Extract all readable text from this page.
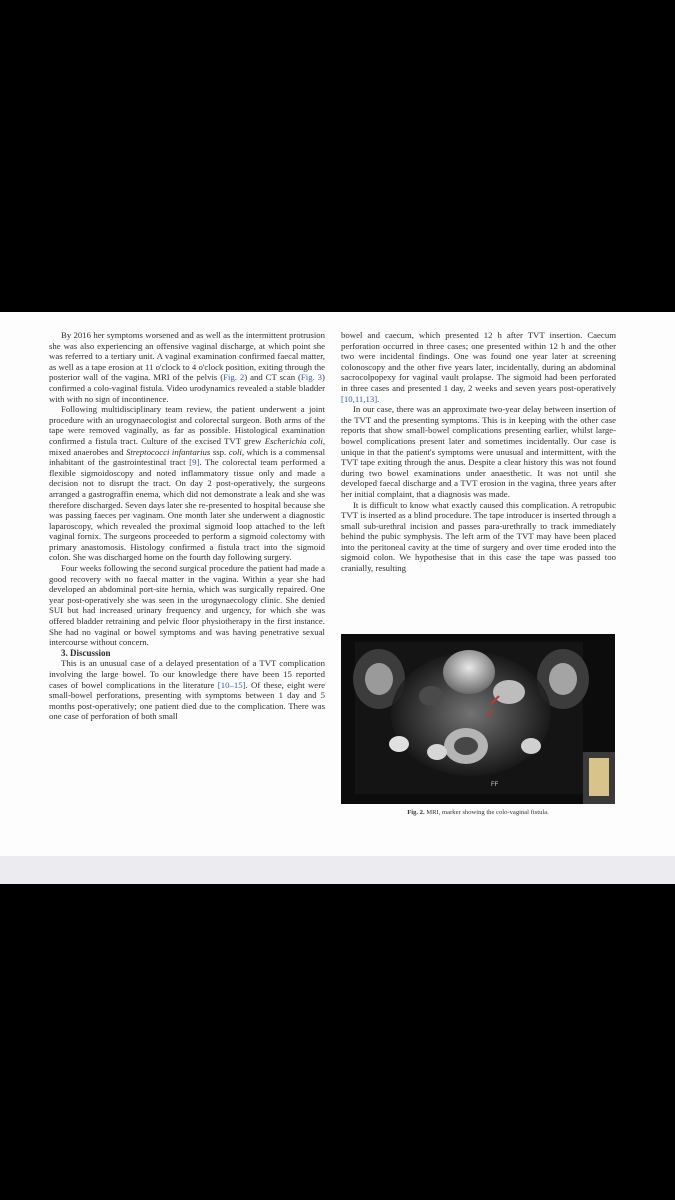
By 2016 her symptoms worsened and as well as the intermittent protrusion she was also experiencing an offensive vaginal discharge, at which point she was referred to a tertiary unit. A vaginal examination confirmed faecal matter, as well as a tape erosion at 11 o'clock to 4 o'clock position, exiting through the posterior wall of the vagina. MRI of the pelvis (Fig. 2) and CT scan (Fig. 3) confirmed a colo-vaginal fistula. Video urodynamics revealed a stable bladder with with no sign of incontinence.

Following multidisciplinary team review, the patient underwent a joint procedure with an urogynaecologist and colorectal surgeon. Both arms of the tape were removed vaginally, as far as possible. Histological examination confirmed a fistula tract. Culture of the excised TVT grew Escherichia coli, mixed anaerobes and Streptococci infantarius ssp. coli, which is a commensal inhabitant of the gastrointestinal tract [9]. The colorectal team performed a flexible sigmoidoscopy and noted inflammatory tissue only and made a decision not to disrupt the tract. On day 2 post-operatively, the surgeons arranged a gastrograffin enema, which did not demonstrate a leak and she was therefore discharged. Seven days later she re-presented to hospital because she was passing faeces per vaginam. One month later she underwent a diagnostic laparoscopy, which revealed the proximal sigmoid loop attached to the left vaginal fornix. The surgeons proceeded to perform a sigmoid colectomy with primary anastomosis. Histology confirmed a fistula tract into the sigmoid colon. She was discharged home on the fourth day following surgery.

Four weeks following the second surgical procedure the patient had made a good recovery with no faecal matter in the vagina. Within a year she had developed an abdominal port-site hernia, which was surgically repaired. One year post-operatively she was seen in the urogynaecology clinic. She denied SUI but had increased urinary frequency and urgency, for which she was offered bladder retraining and pelvic floor physiotherapy in the first instance. She had no vaginal or bowel symptoms and was having penetrative sexual intercourse without concern.

3. Discussion

This is an unusual case of a delayed presentation of a TVT complication involving the large bowel. To our knowledge there have been 15 reported cases of bowel complications in the literature [10–15]. Of these, eight were small-bowel perforations, presenting with symptoms between 1 day and 5 months post-operatively; one patient died due to the complication. There was one case of perforation of both small

bowel and caecum, which presented 12 h after TVT insertion. Caecum perforation occurred in three cases; one presented within 12 h and the other two were incidental findings. One was found one year later at screening colonoscopy and the other five years later, incidentally, during an abdominal sacrocolpopexy for vaginal vault prolapse. The sigmoid had been perforated in three cases and presented 1 day, 2 weeks and seven years post-operatively [10,11,13].

In our case, there was an approximate two-year delay between insertion of the TVT and the presenting symptoms. This is in keeping with the other case reports that show small-bowel complications presenting earlier, whilst large-bowel complications present later and sometimes incidentally. Our case is unique in that the patient's symptoms were unusual and intermittent, with the TVT tape exiting through the anus. Despite a clear history this was not found during two bowel examinations under anaesthetic. It was not until she developed faecal discharge and a TVT erosion in the vagina, three years after her initial complaint, that a diagnosis was made.

It is difficult to know what exactly caused this complication. A retropubic TVT is inserted as a blind procedure. The tape introducer is inserted through a small sub-urethral incision and passes para-urethrally to track immediately behind the pubic symphysis. The left arm of the TVT may have been placed into the peritoneal cavity at the time of surgery and over time eroded into the sigmoid colon. We hypothesise that in this case the tape was passed too cranially, resulting

FF
Fig. 2. MRI, marker showing the colo-vaginal fistula.
